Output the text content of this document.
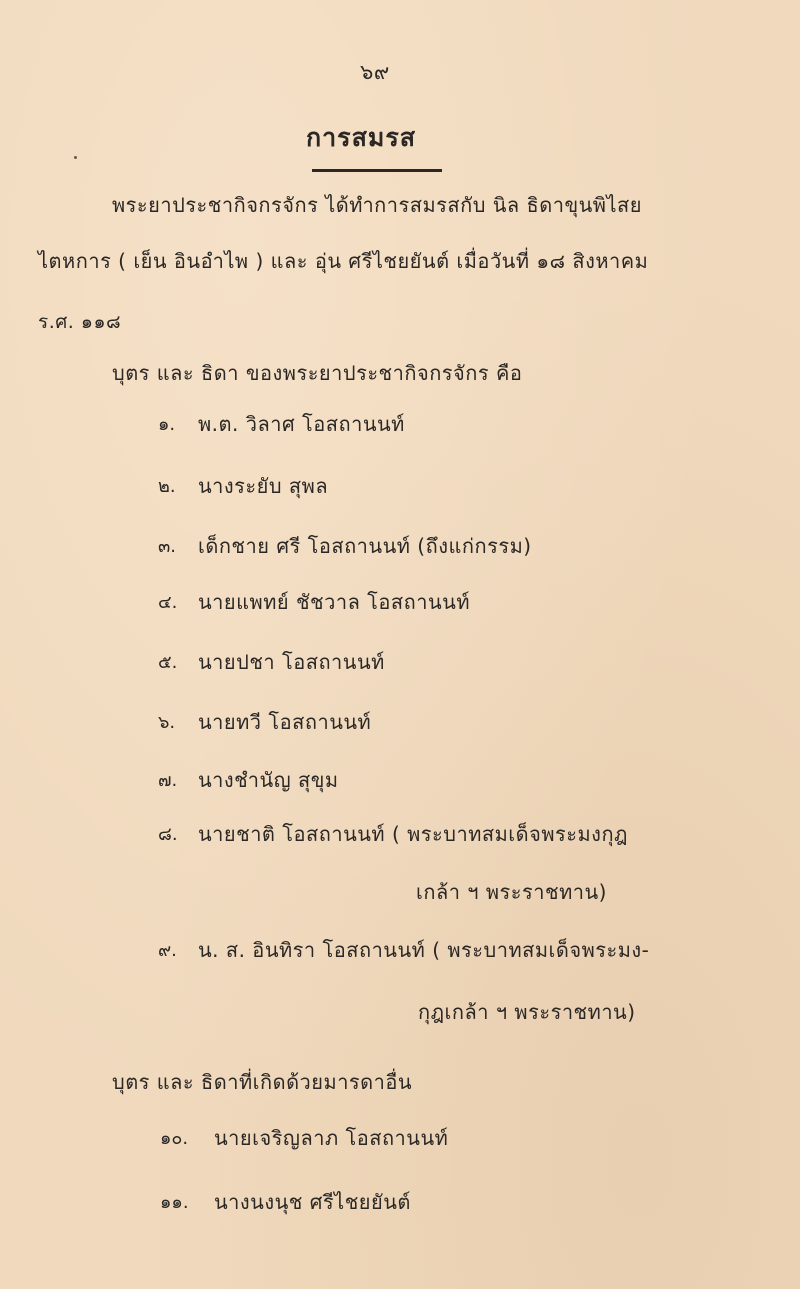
๖๙
การสมรส
พระยาประชากิจกรจักร ได้ทำการสมรสกับ นิล ธิดาขุนพิไสย
ไตหการ ( เย็น อินอำไพ ) และ อุ่น ศรีไชยยันต์ เมื่อวันที่ ๑๘ สิงหาคม
ร.ศ. ๑๑๘
บุตร และ ธิดา ของพระยาประชากิจกรจักร คือ
๑. พ.ต. วิลาศ โอสถานนท์
๒. นางระยับ สุพล
๓. เด็กชาย ศรี โอสถานนท์ (ถึงแก่กรรม)
๔. นายแพทย์ ชัชวาล โอสถานนท์
๕. นายปชา โอสถานนท์
๖. นายทวี โอสถานนท์
๗. นางชำนัญ สุขุม
๘. นายชาติ โอสถานนท์ ( พระบาทสมเด็จพระมงกุฎ
เกล้า ฯ พระราชทาน)
๙. น. ส. อินทิรา โอสถานนท์ ( พระบาทสมเด็จพระมง-
กุฎเกล้า ฯ พระราชทาน)
บุตร และ ธิดาที่เกิดด้วยมารดาอื่น
๑๐. นายเจริญลาภ โอสถานนท์
๑๑. นางนงนุช ศรีไชยยันต์
